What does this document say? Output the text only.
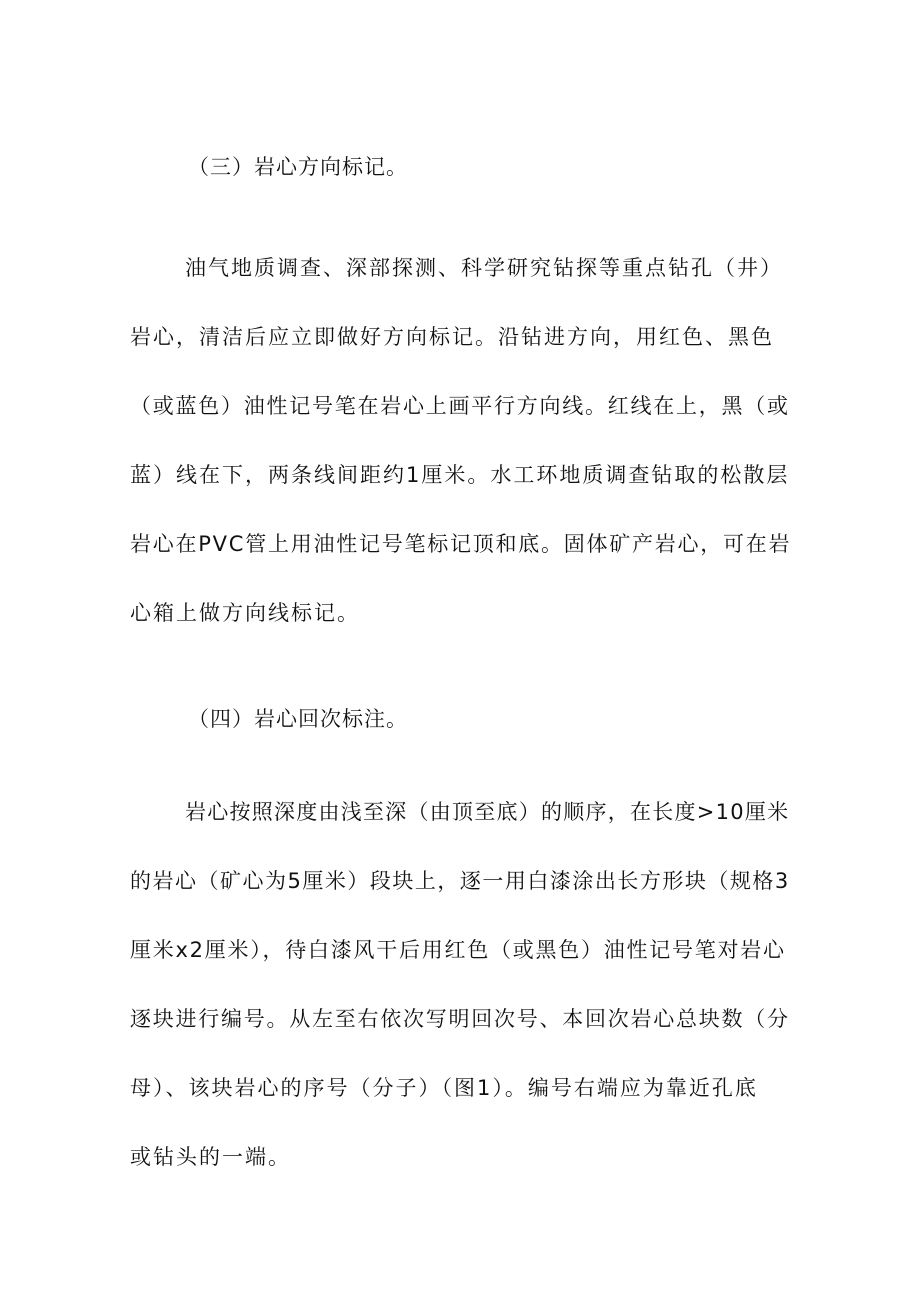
（三）岩心方向标记。

油气地质调查、深部探测、科学研究钻探等重点钻孔（井）

岩心，清洁后应立即做好方向标记。沿钻进方向，用红色、黑色

（或蓝色）油性记号笔在岩心上画平行方向线。红线在上，黑（或

蓝）线在下，两条线间距约1厘米。水工环地质调查钻取的松散层

岩心在PVC管上用油性记号笔标记顶和底。固体矿产岩心，可在岩

心箱上做方向线标记。

（四）岩心回次标注。

岩心按照深度由浅至深（由顶至底）的顺序，在长度>10厘米

的岩心（矿心为5厘米）段块上，逐一用白漆涂出长方形块（规格3

厘米x2厘米），待白漆风干后用红色（或黑色）油性记号笔对岩心

逐块进行编号。从左至右依次写明回次号、本回次岩心总块数（分

母）、该块岩心的序号（分子）（图1）。编号右端应为靠近孔底

或钻头的一端。
